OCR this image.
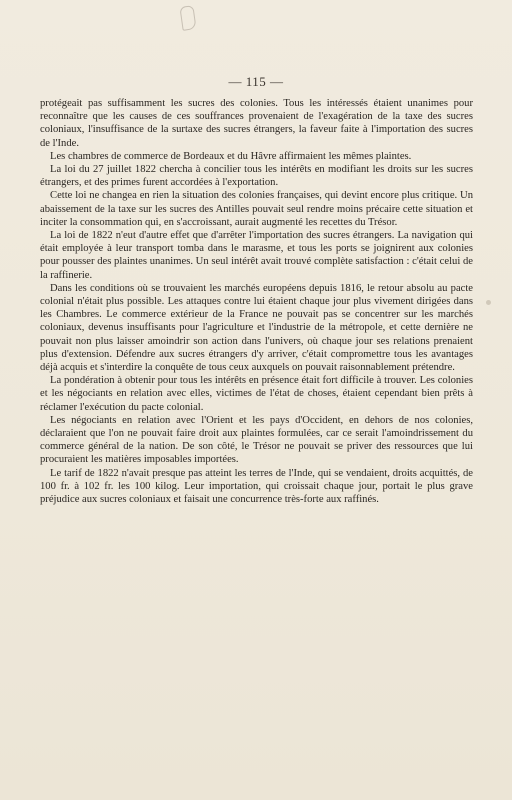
— 115 —

protégeait pas suffisamment les sucres des colonies. Tous les intéressés étaient unanimes pour reconnaître que les causes de ces souffrances provenaient de l'exagération de la taxe des sucres coloniaux, l'insuffisance de la surtaxe des sucres étrangers, la faveur faite à l'importation des sucres de l'Inde.

Les chambres de commerce de Bordeaux et du Hâvre affirmaient les mêmes plaintes.

La loi du 27 juillet 1822 chercha à concilier tous les intérêts en modifiant les droits sur les sucres étrangers, et des primes furent accordées à l'exportation.

Cette loi ne changea en rien la situation des colonies françaises, qui devint encore plus critique. Un abaissement de la taxe sur les sucres des Antilles pouvait seul rendre moins précaire cette situation et inciter la consommation qui, en s'accroissant, aurait augmenté les recettes du Trésor.

La loi de 1822 n'eut d'autre effet que d'arrêter l'importation des sucres étrangers. La navigation qui était employée à leur transport tomba dans le marasme, et tous les ports se joignirent aux colonies pour pousser des plaintes unanimes. Un seul intérêt avait trouvé complète satisfaction : c'était celui de la raffinerie.

Dans les conditions où se trouvaient les marchés européens depuis 1816, le retour absolu au pacte colonial n'était plus possible. Les attaques contre lui étaient chaque jour plus vivement dirigées dans les Chambres. Le commerce extérieur de la France ne pouvait pas se concentrer sur les marchés coloniaux, devenus insuffisants pour l'agriculture et l'industrie de la métropole, et cette dernière ne pouvait non plus laisser amoindrir son action dans l'univers, où chaque jour ses relations prenaient plus d'extension. Défendre aux sucres étrangers d'y arriver, c'était compromettre tous les avantages déjà acquis et s'interdire la conquête de tous ceux auxquels on pouvait raisonnablement prétendre.

La pondération à obtenir pour tous les intérêts en présence était fort difficile à trouver. Les colonies et les négociants en relation avec elles, victimes de l'état de choses, étaient cependant bien prêts à réclamer l'exécution du pacte colonial.

Les négociants en relation avec l'Orient et les pays d'Occident, en dehors de nos colonies, déclaraient que l'on ne pouvait faire droit aux plaintes formulées, car ce serait l'amoindrissement du commerce général de la nation. De son côté, le Trésor ne pouvait se priver des ressources que lui procuraient les matières imposables importées.

Le tarif de 1822 n'avait presque pas atteint les terres de l'Inde, qui se vendaient, droits acquittés, de 100 fr. à 102 fr. les 100 kilog. Leur importation, qui croissait chaque jour, portait le plus grave préjudice aux sucres coloniaux et faisait une concurrence très-forte aux raffinés.
